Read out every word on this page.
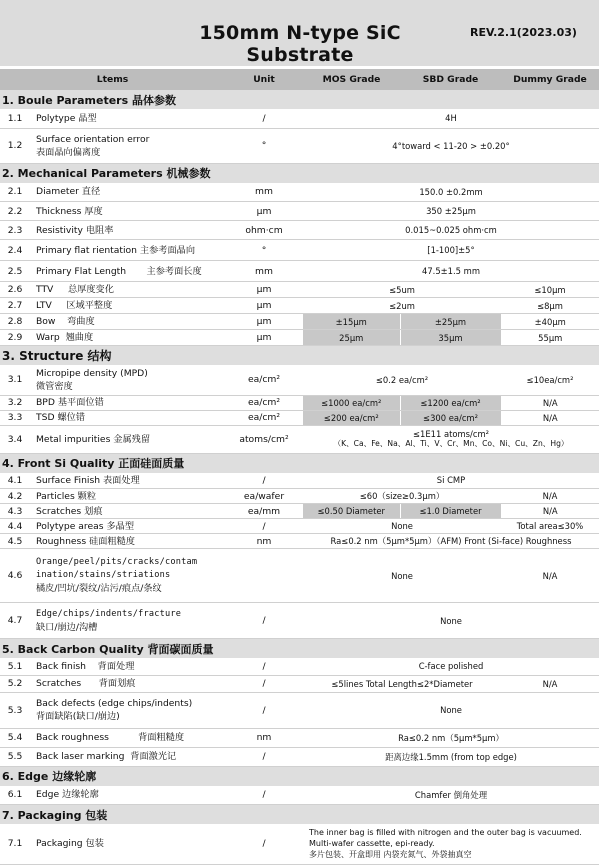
150mm N-type SiC Substrate
REV.2.1(2023.03)
Ltems		Unit	MOS Grade	SBD Grade	Dummy Grade
1. Boule Parameters 晶体参数					
1.1	Polytype 晶型	/	4H		
1.2	Surface orientation error
表面晶向偏离度	°	4°toward < 11-20 > ±0.20°		
2. Mechanical Parameters 机械参数					
2.1	Diameter 直径	mm	150.0 ±0.2mm		
2.2	Thickness 厚度	µm	350 ±25µm		
2.3	Resistivity 电阻率	ohm·cm	0.015~0.025 ohm·cm		
2.4	Primary flat rientation 主参考面晶向	°	[1-100]±5°		
2.5	Primary Flat Length       主参考面长度	mm	47.5±1.5 mm		
2.6	TTV     总厚度变化	µm	≤5um		≤10µm
2.7	LTV     区域平整度	µm	≤2um		≤8µm
2.8	Bow    弯曲度	µm	±15µm	±25µm	±40µm
2.9	Warp  翘曲度	µm	25µm	35µm	55µm
3. Structure 结构					
3.1	Micropipe density (MPD)
微管密度	ea/cm²	≤0.2 ea/cm²		≤10ea/cm²
3.2	BPD 基平面位错	ea/cm²	≤1000 ea/cm²	≤1200 ea/cm²	N/A
3.3	TSD 螺位错	ea/cm²	≤200 ea/cm²	≤300 ea/cm²	N/A
3.4	Metal impurities 金属残留	atoms/cm²	≤1E11 atoms/cm²
（K、Ca、Fe、Na、Al、Ti、V、Cr、Mn、Co、Ni、Cu、Zn、Hg）		

4. Front Si Quality 正面硅面质量					
4.1	Surface Finish 表面处理	/	Si CMP		
4.2	Particles 颗粒	ea/wafer	≤60（size≥0.3µm）		N/A
4.3	Scratches 划痕	ea/mm	≤0.50 Diameter	≤1.0 Diameter	N/A
4.4	Polytype areas 多晶型	/	None		Total area≤30%
4.5	Roughness 硅面粗糙度	nm	Ra≤0.2 nm（5µm*5µm）（AFM) Front (Si-face) Roughness		
4.6	Orange/peel/pits/cracks/contam
ination/stains/striations
橘皮/凹坑/裂纹/沾污/痕点/条纹		None		N/A
4.7	Edge/chips/indents/fracture
缺口/崩边/沟槽	/	None		
5. Back Carbon Quality 背面碳面质量					
5.1	Back finish    背面处理	/	C-face polished		
5.2	Scratches      背面划痕	/	≤5lines Total Length≤2*Diameter		N/A
5.3	Back defects (edge chips/indents)
背面缺陷(缺口/崩边)	/	None		
5.4	Back roughness          背面粗糙度	nm	Ra≤0.2 nm（5µm*5µm）		
5.5	Back laser marking  背面激光记	/	距离边缘1.5mm (from top edge)		
6. Edge 边缘轮廓					
6.1	Edge 边缘轮廓	/	Chamfer 倒角处理		
7. Packaging 包装					
7.1	Packaging 包装	/	The inner bag is filled with nitrogen and the outer bag is vacuumed.
Multi-wafer cassette, epi-ready.
多片包装、开盒即用 内袋充氮气、外袋抽真空		
